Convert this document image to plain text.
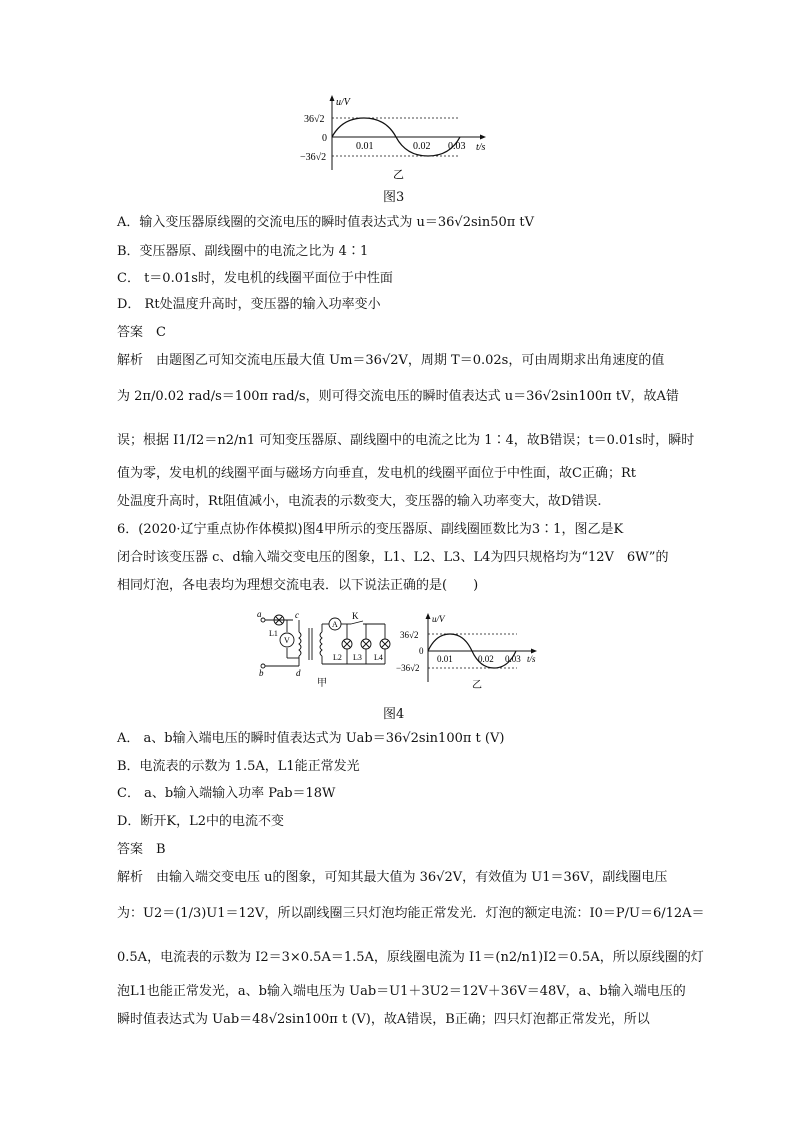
u/V
t/s
36√2
0
−36√2
0.01	0.02 0.03
乙
图3
A．输入变压器原线圈的交流电压的瞬时值表达式为 u＝36√2sin50π tV
B．变压器原、副线圈中的电流之比为 4∶1
C． t＝0.01s时，发电机的线圈平面位于中性面
D． Rt处温度升高时，变压器的输入功率变小
答案　C
解析　由题图乙可知交流电压最大值 Um＝36√2V，周期 T＝0.02s，可由周期求出角速度的值
为 2π/0.02 rad/s＝100π rad/s，则可得交流电压的瞬时值表达式 u＝36√2sin100π tV，故A错
误；根据 I1/I2＝n2/n1 可知变压器原、副线圈中的电流之比为 1∶4，故B错误；t＝0.01s时，瞬时
值为零，发电机的线圈平面与磁场方向垂直，发电机的线圈平面位于中性面，故C正确；Rt
处温度升高时，Rt阻值减小，电流表的示数变大，变压器的输入功率变大，故D错误.
6．(2020·辽宁重点协作体模拟)图4甲所示的变压器原、副线圈匝数比为3∶1，图乙是K
闭合时该变压器 c、d输入端交变电压的图象，L1、L2、L3、L4为四只规格均为“12V　6W”的
相同灯泡，各电表均为理想交流电表．以下说法正确的是(　　)
a
b
c
d
L1
V
A
K
L2 L3 L4
甲
u/V
t/s
36√2
0
−36√2
0.01	0.02 0.03
乙
图4
A． a、b输入端电压的瞬时值表达式为 Uab＝36√2sin100π t (V)
B．电流表的示数为 1.5A，L1能正常发光
C． a、b输入端输入功率 Pab＝18W
D．断开K，L2中的电流不变
答案　B
解析　由输入端交变电压 u的图象，可知其最大值为 36√2V，有效值为 U1＝36V，副线圈电压
为：U2＝(1/3)U1＝12V，所以副线圈三只灯泡均能正常发光．灯泡的额定电流：I0＝P/U＝6/12A＝
0.5A，电流表的示数为 I2＝3×0.5A＝1.5A，原线圈电流为 I1＝(n2/n1)I2＝0.5A，所以原线圈的灯
泡L1也能正常发光，a、b输入端电压为 Uab＝U1＋3U2＝12V＋36V＝48V，a、b输入端电压的
瞬时值表达式为 Uab＝48√2sin100π t (V)，故A错误，B正确；四只灯泡都正常发光，所以
